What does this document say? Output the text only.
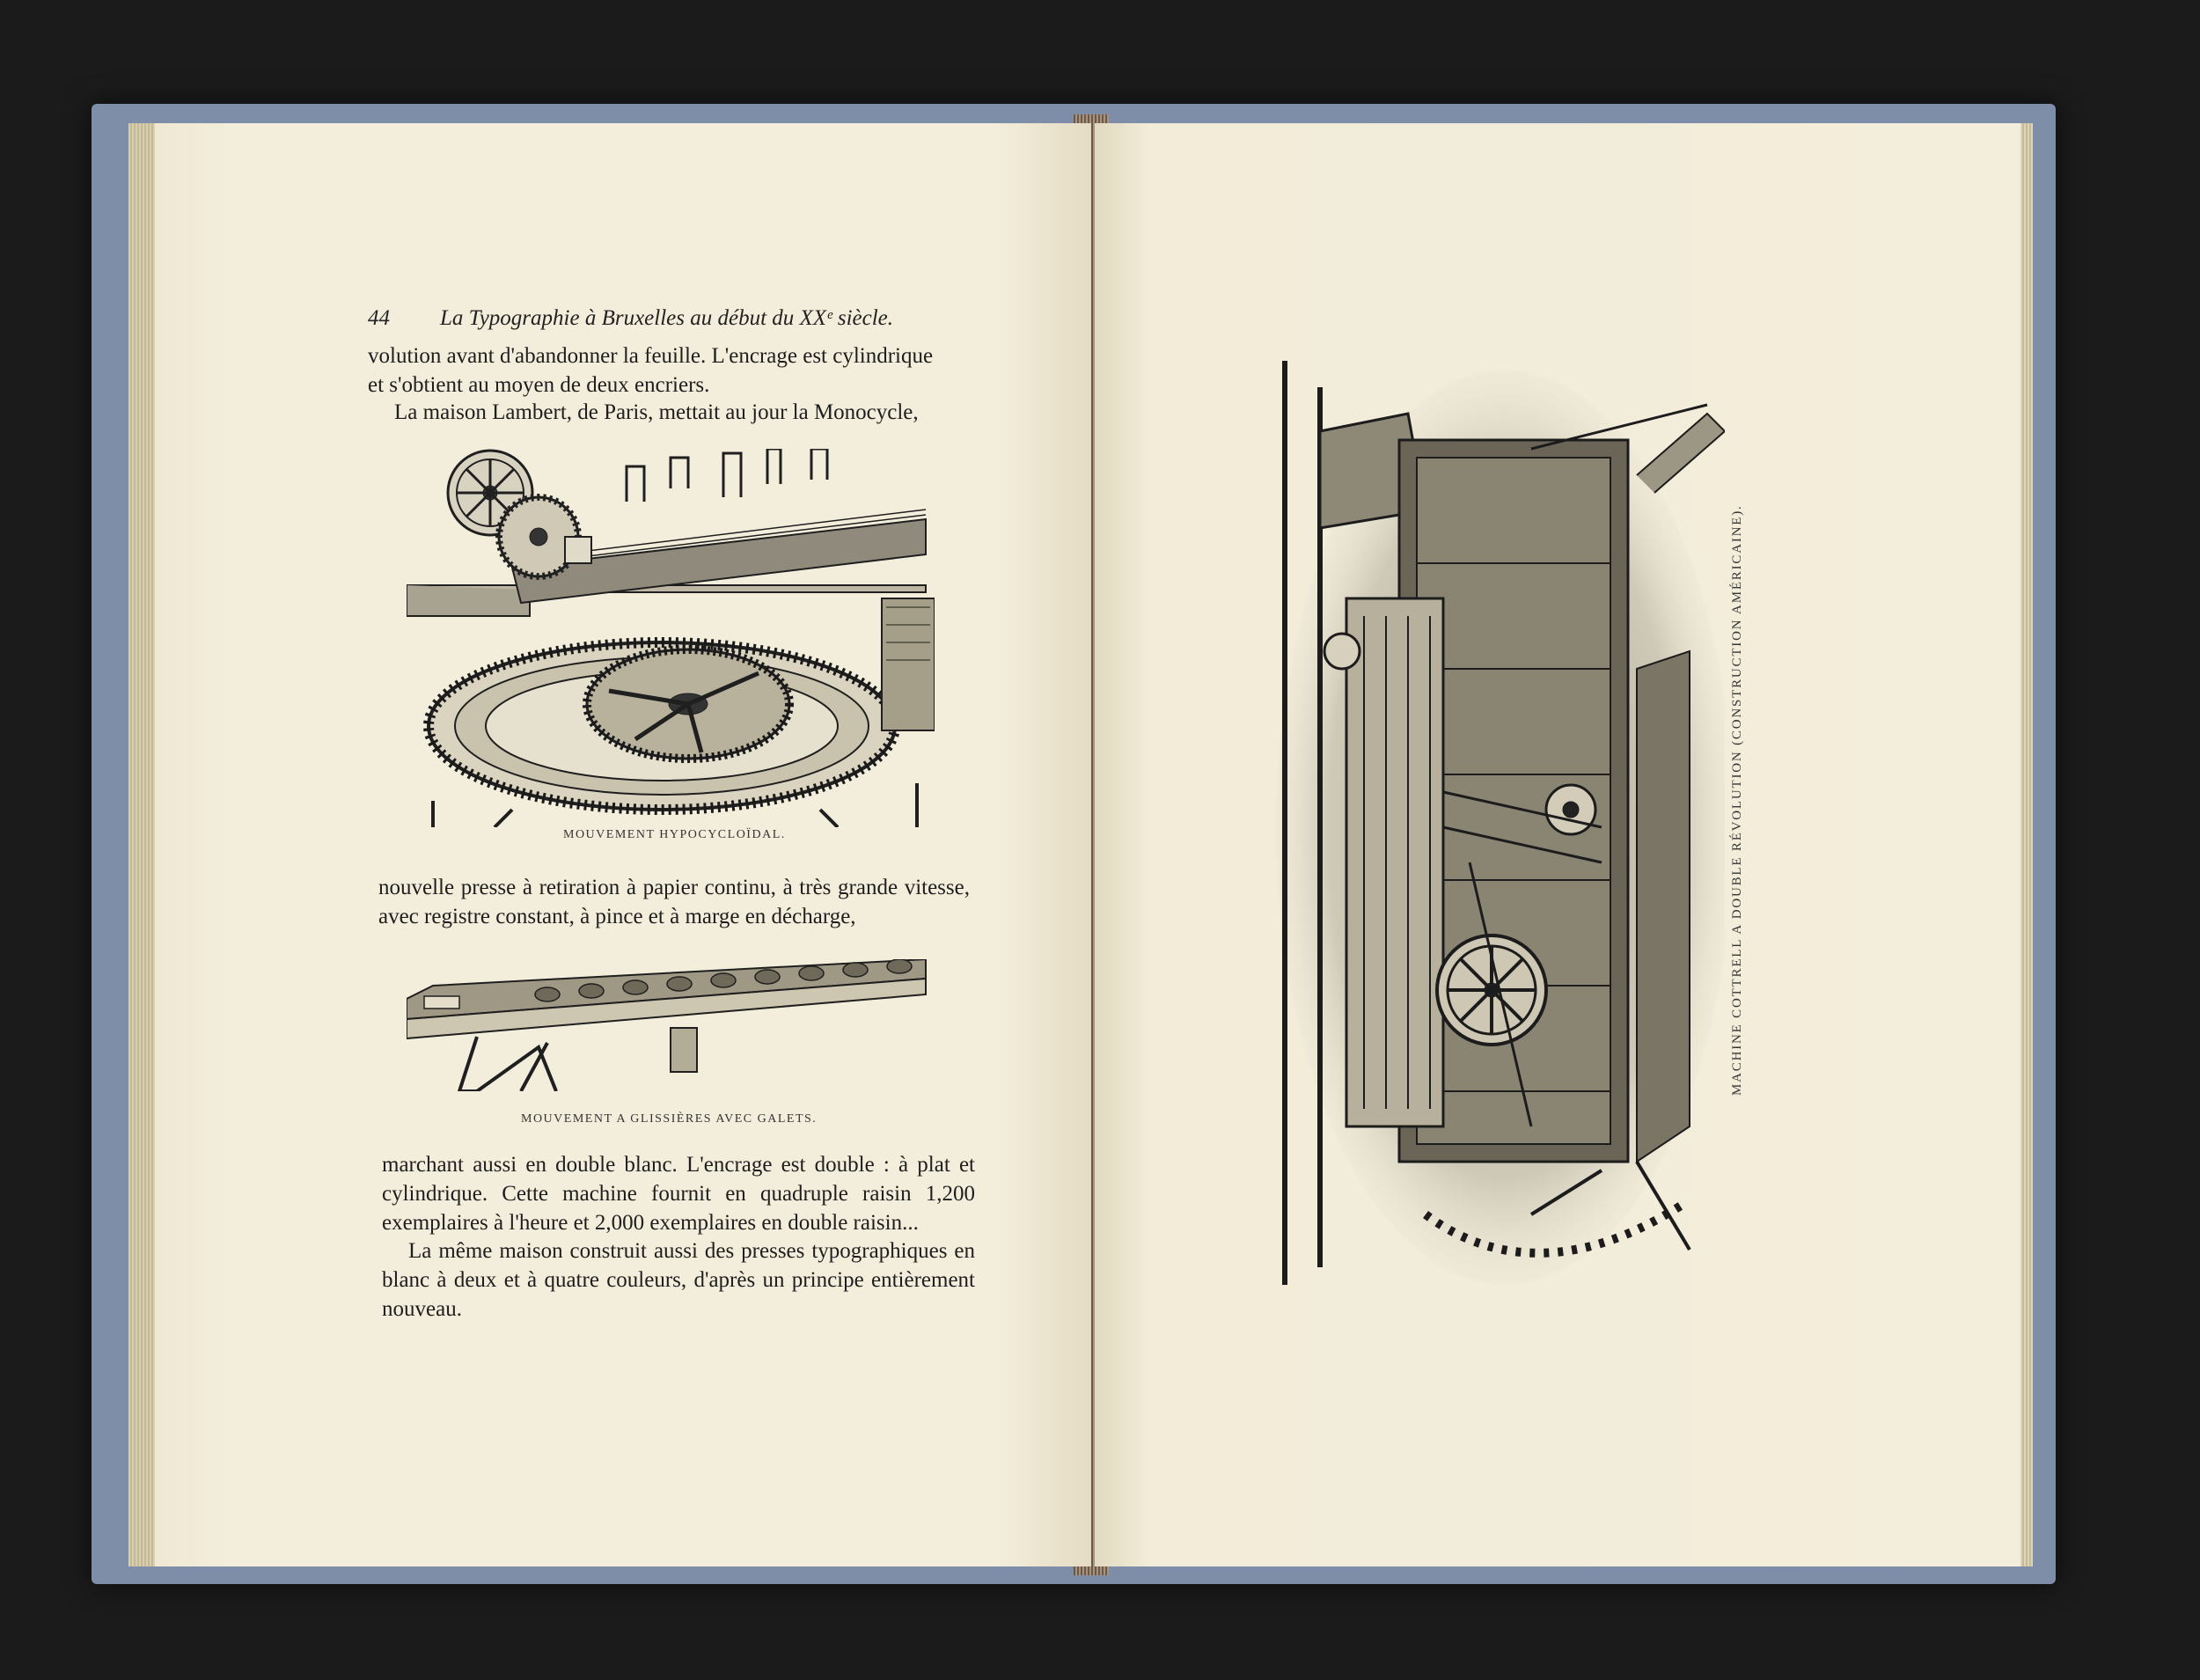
44 La Typographie à Bruxelles au début du XXᵉ siècle.
volution avant d'abandonner la feuille. L'encrage est cylindrique
et s'obtient au moyen de deux encriers.
La maison Lambert, de Paris, mettait au jour la Monocycle,
MOUVEMENT HYPOCYCLOÏDAL.
nouvelle presse à retiration à papier continu, à très grande vitesse, avec registre constant, à pince et à marge en décharge,
MOUVEMENT A GLISSIÈRES AVEC GALETS.
marchant aussi en double blanc. L'encrage est double : à plat et cylindrique. Cette machine fournit en quadruple raisin 1,200 exemplaires à l'heure et 2,000 exemplaires en double raisin...
La même maison construit aussi des presses typographiques en blanc à deux et à quatre couleurs, d'après un principe entièrement nouveau.
MACHINE COTTRELL A DOUBLE RÉVOLUTION (CONSTRUCTION AMÉRICAINE).
